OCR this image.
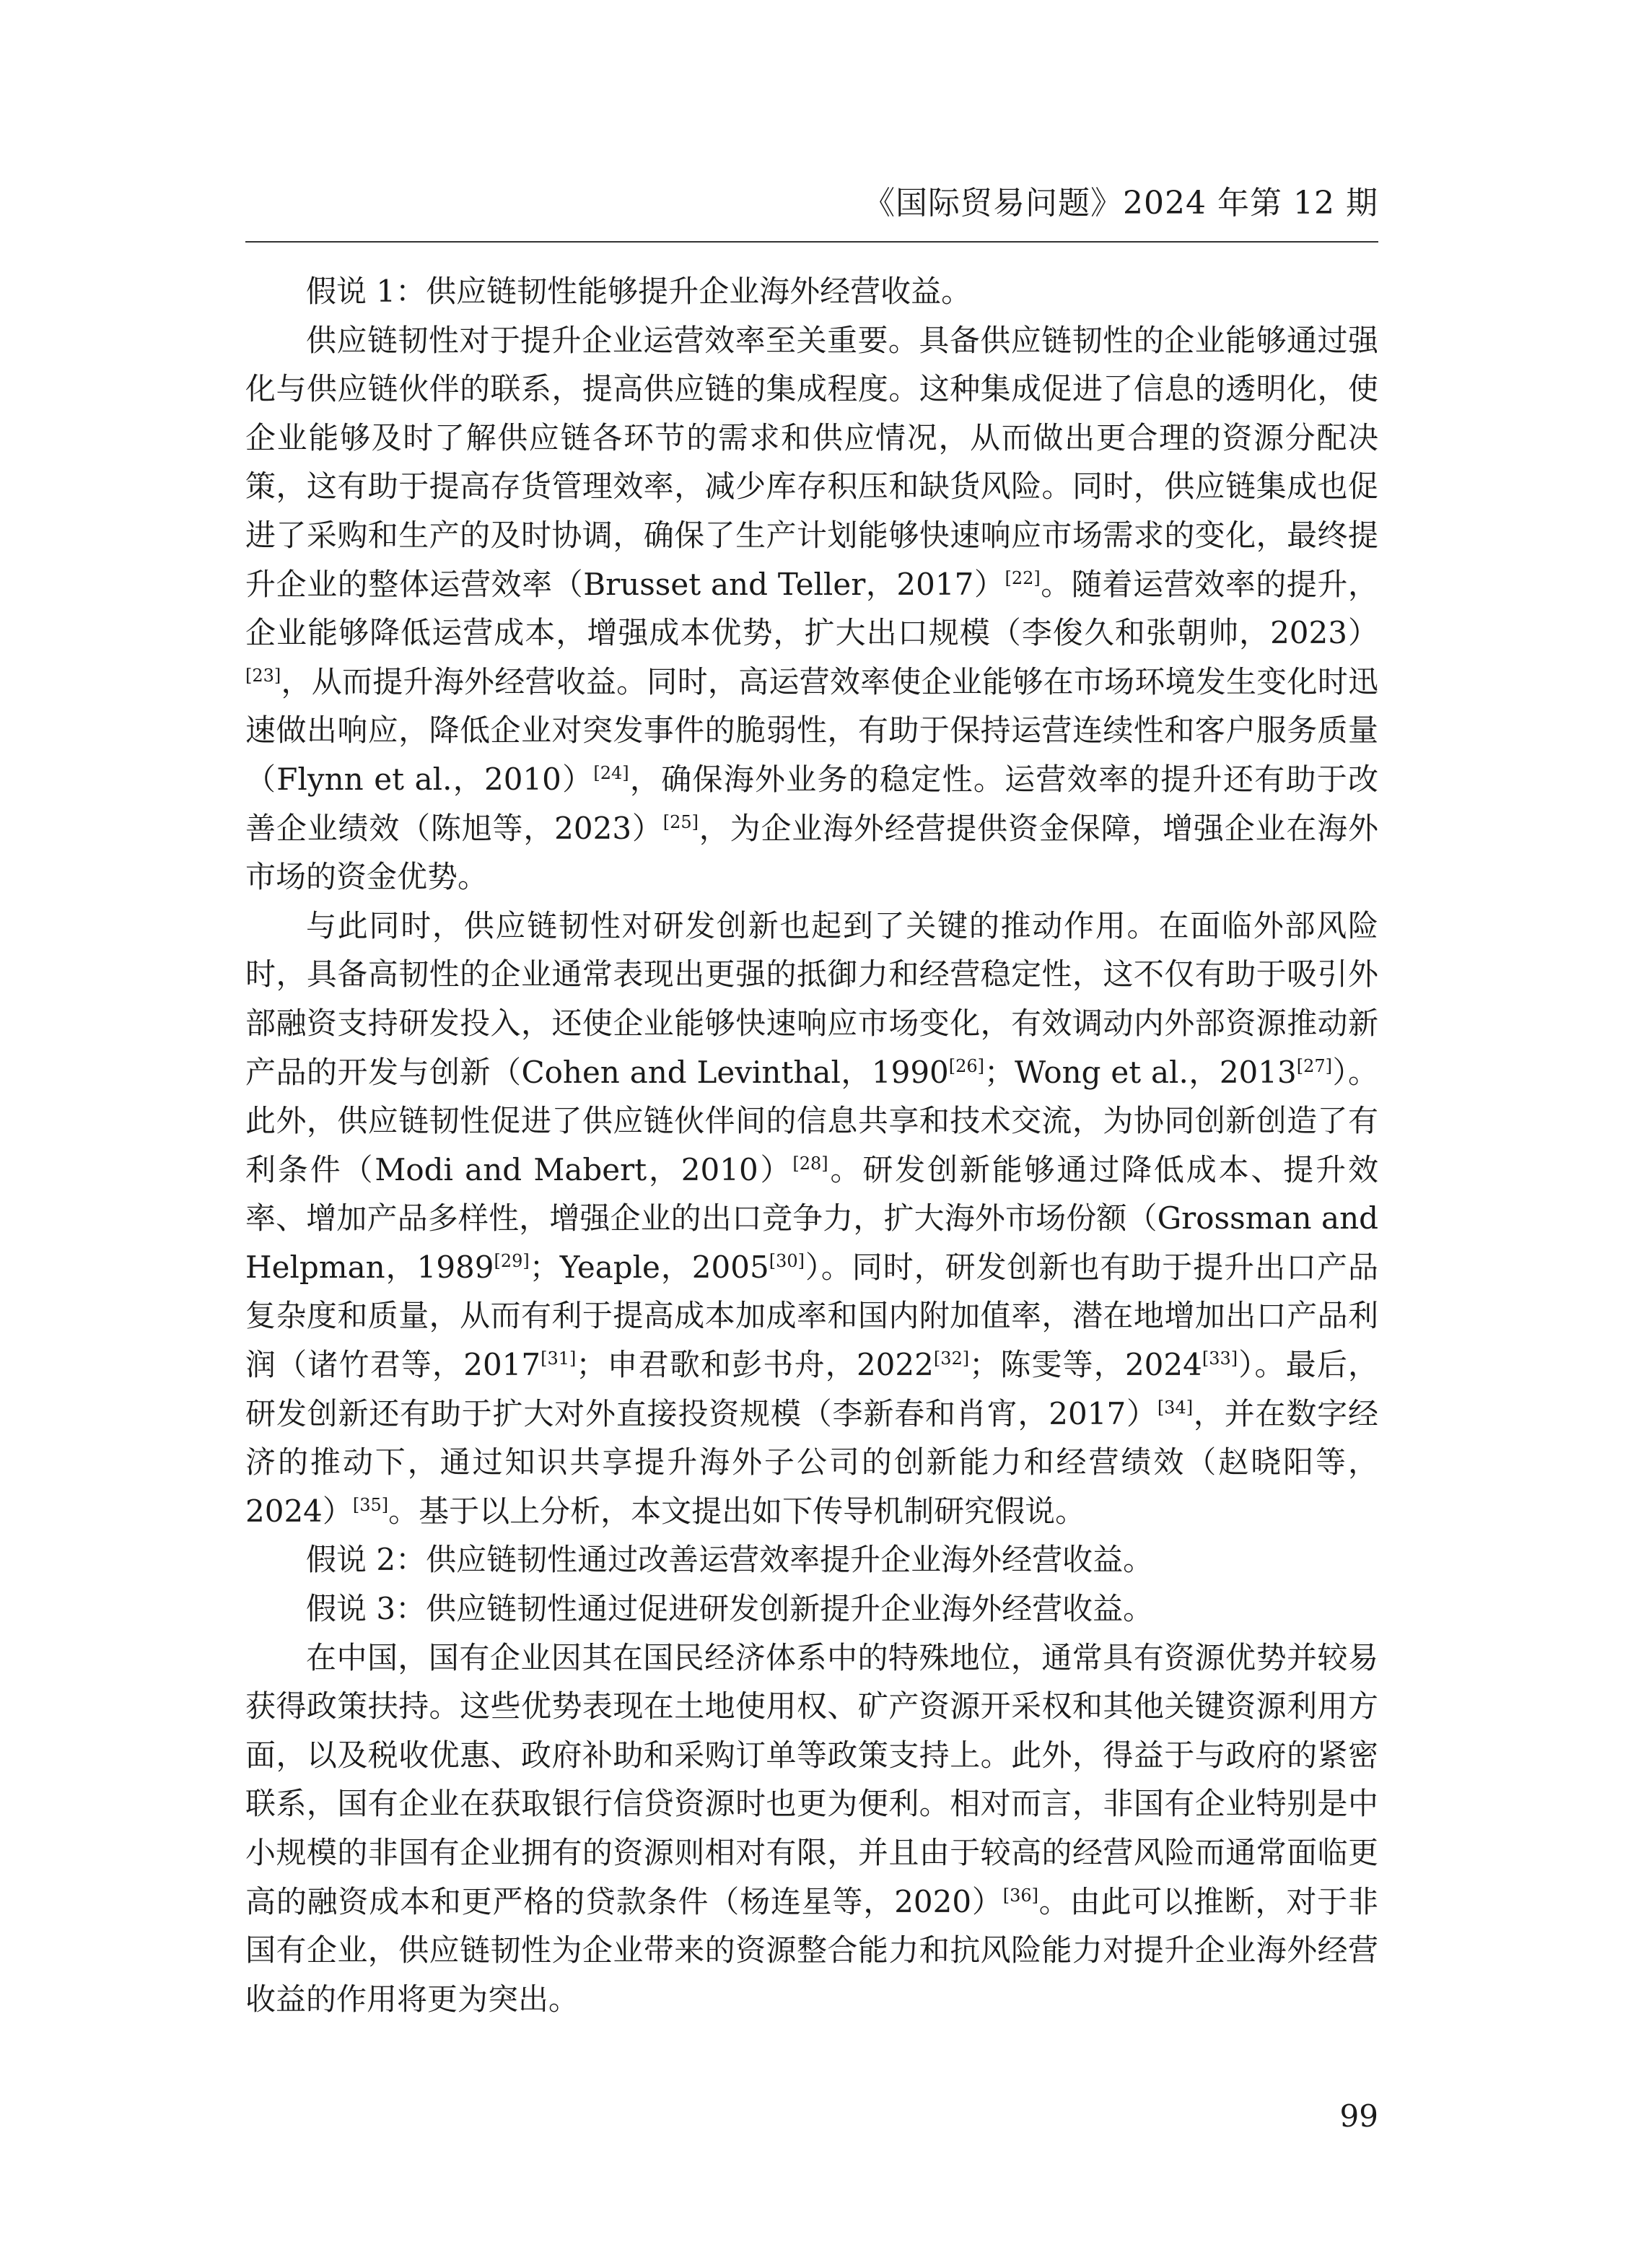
《国际贸易问题》2024 年第 12 期

假说 1：供应链韧性能够提升企业海外经营收益。

供应链韧性对于提升企业运营效率至关重要。具备供应链韧性的企业能够通过强化与供应链伙伴的联系，提高供应链的集成程度。这种集成促进了信息的透明化，使企业能够及时了解供应链各环节的需求和供应情况，从而做出更合理的资源分配决策，这有助于提高存货管理效率，减少库存积压和缺货风险。同时，供应链集成也促进了采购和生产的及时协调，确保了生产计划能够快速响应市场需求的变化，最终提升企业的整体运营效率（Brusset and Teller，2017）[22]。随着运营效率的提升，企业能够降低运营成本，增强成本优势，扩大出口规模（李俊久和张朝帅，2023）[23]，从而提升海外经营收益。同时，高运营效率使企业能够在市场环境发生变化时迅速做出响应，降低企业对突发事件的脆弱性，有助于保持运营连续性和客户服务质量（Flynn et al.，2010）[24]，确保海外业务的稳定性。运营效率的提升还有助于改善企业绩效（陈旭等，2023）[25]，为企业海外经营提供资金保障，增强企业在海外市场的资金优势。

与此同时，供应链韧性对研发创新也起到了关键的推动作用。在面临外部风险时，具备高韧性的企业通常表现出更强的抵御力和经营稳定性，这不仅有助于吸引外部融资支持研发投入，还使企业能够快速响应市场变化，有效调动内外部资源推动新产品的开发与创新（Cohen and Levinthal，1990[26]；Wong et al.，2013[27]）。此外，供应链韧性促进了供应链伙伴间的信息共享和技术交流，为协同创新创造了有利条件（Modi and Mabert，2010）[28]。研发创新能够通过降低成本、提升效率、增加产品多样性，增强企业的出口竞争力，扩大海外市场份额（Grossman and Helpman，1989[29]；Yeaple，2005[30]）。同时，研发创新也有助于提升出口产品复杂度和质量，从而有利于提高成本加成率和国内附加值率，潜在地增加出口产品利润（诸竹君等，2017[31]；申君歌和彭书舟，2022[32]；陈雯等，2024[33]）。最后，研发创新还有助于扩大对外直接投资规模（李新春和肖宵，2017）[34]，并在数字经济的推动下，通过知识共享提升海外子公司的创新能力和经营绩效（赵晓阳等，2024）[35]。基于以上分析，本文提出如下传导机制研究假说。

假说 2：供应链韧性通过改善运营效率提升企业海外经营收益。

假说 3：供应链韧性通过促进研发创新提升企业海外经营收益。

在中国，国有企业因其在国民经济体系中的特殊地位，通常具有资源优势并较易获得政策扶持。这些优势表现在土地使用权、矿产资源开采权和其他关键资源利用方面，以及税收优惠、政府补助和采购订单等政策支持上。此外，得益于与政府的紧密联系，国有企业在获取银行信贷资源时也更为便利。相对而言，非国有企业特别是中小规模的非国有企业拥有的资源则相对有限，并且由于较高的经营风险而通常面临更高的融资成本和更严格的贷款条件（杨连星等，2020）[36]。由此可以推断，对于非国有企业，供应链韧性为企业带来的资源整合能力和抗风险能力对提升企业海外经营收益的作用将更为突出。

99
